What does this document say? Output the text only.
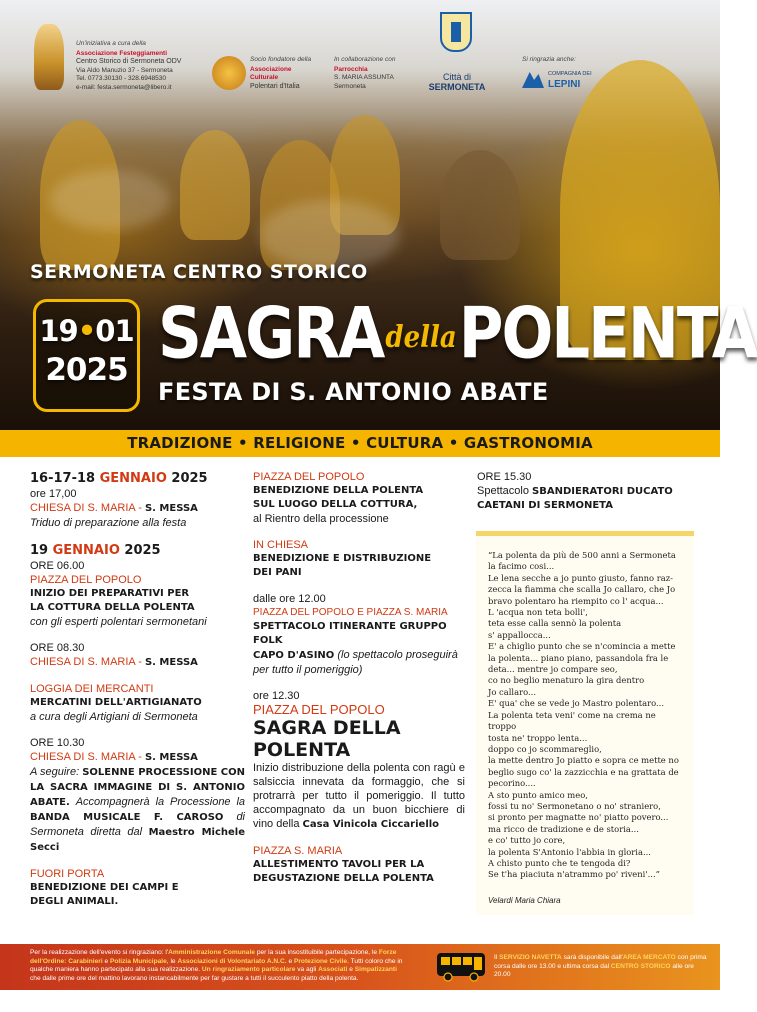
Un'iniziativa a cura della
Associazione Festeggiamenti
Centro Storico di Sermoneta ODV
Via Aldo Manuzio 37 - Sermoneta
Tel. 0773.30130 - 328.6948530
e-mail: festa.sermoneta@libero.it
Socio fondatore della
Associazione
Culturale
Polentari d'Italia
In collaborazione con
Parrocchia
S. MARIA ASSUNTA
Sermoneta
Città di
SERMONETA
Si ringrazia anche:
COMPAGNIA DEI
LEPINI
SERMONETA CENTRO STORICO
19•01
2025 SAGRAdellaPOLENTA
FESTA DI S. ANTONIO ABATE
TRADIZIONE • RELIGIONE • CULTURA • GASTRONOMIA
16-17-18 GENNAIO 2025
ore 17,00
CHIESA DI S. MARIA - S. MESSA
Triduo di preparazione alla festa
19 GENNAIO 2025
ORE 06.00
PIAZZA DEL POPOLO
INIZIO DEI PREPARATIVI PER
LA COTTURA DELLA POLENTA
con gli esperti polentari sermonetani
ORE 08.30
CHIESA DI S. MARIA - S. MESSA
LOGGIA DEI MERCANTI
MERCATINI DELL'ARTIGIANATO
a cura degli Artigiani di Sermoneta
ORE 10.30
CHIESA DI S. MARIA - S. MESSA
A seguire: SOLENNE PROCESSIONE CON LA SACRA IMMAGINE DI S. ANTONIO ABATE. Accompagnerà la Processione la BANDA MUSICALE F. CAROSO di Sermoneta diretta dal Maestro Michele Secci
FUORI PORTA
BENEDIZIONE DEI CAMPI E
DEGLI ANIMALI.
PIAZZA DEL POPOLO
BENEDIZIONE DELLA POLENTA
SUL LUOGO DELLA COTTURA,
al Rientro della processione
IN CHIESA
BENEDIZIONE E DISTRIBUZIONE
DEI PANI
dalle ore 12.00
PIAZZA DEL POPOLO E PIAZZA S. MARIA
SPETTACOLO ITINERANTE GRUPPO FOLK
CAPO D'ASINO (lo spettacolo proseguirà per tutto il pomeriggio)
ore 12.30
PIAZZA DEL POPOLO
SAGRA DELLA
POLENTA
Inizio distribuzione della polenta con ragù e salsiccia innevata da formaggio, che si protrarrà per tutto il pomeriggio. Il tutto accompagnato da un buon bicchiere di vino della Casa Vinicola Ciccariello
PIAZZA S. MARIA
ALLESTIMENTO TAVOLI PER LA
DEGUSTAZIONE DELLA POLENTA
ORE 15.30
Spettacolo SBANDIERATORI DUCATO
CAETANI DI SERMONETA
“La polenta da più de 500 anni a Sermoneta
la facimo cosi...
Le lena secche a jo punto giusto, fanno raz-
zecca la fiamma che scalla Jo callaro, che Jo
bravo polentaro ha riempito co l' acqua...
L 'acqua non teta bolli',
teta esse calla sennò la polenta
s' appallocca...
E' a chiglio punto che se n'comincia a mette
la polenta... piano piano, passandola fra le
deta... mentre jo compare seo,
co no beglio menaturo la gira dentro
Jo callaro...
E' qua' che se vede jo Mastro polentaro...
La polenta teta veni' come na crema ne troppo
tosta ne' troppo lenta...
doppo co jo scommareglio,
la mette dentro Jo piatto e sopra ce mette no
beglio sugo co' la zazzicchia e na grattata de
pecorino....
A sto punto amico meo,
fossi tu no' Sermonetano o no' straniero,
si pronto per magnatte no' piatto povero...
ma ricco de tradizione e de storia...
e co' tutto jo core,
la polenta S'Antonio l'abbia in gloria...
A chisto punto che te tengoda di?
Se t'ha piaciuta n'atrammo po' riveni'...”
Velardi Maria Chiara
Per la realizzazione dell'evento si ringraziano: l'Amministrazione Comunale per la sua insostituibile partecipazione, le Forze dell'Ordine: Carabinieri e Polizia Municipale, le Associazioni di Volontariato A.N.C. e Protezione Civile. Tutti coloro che in qualche maniera hanno partecipato alla sua realizzazione. Un ringraziamento particolare va agli Associati e Simpatizzanti che dalle prime ore del mattino lavorano instancabilmente per far gustare a tutti il succulento piatto della polenta.
Il SERVIZIO NAVETTA sarà disponibile dall'AREA MERCATO con prima corsa dalle ore 13.00 e ultima corsa dal CENTRO STORICO alle ore 20.00
